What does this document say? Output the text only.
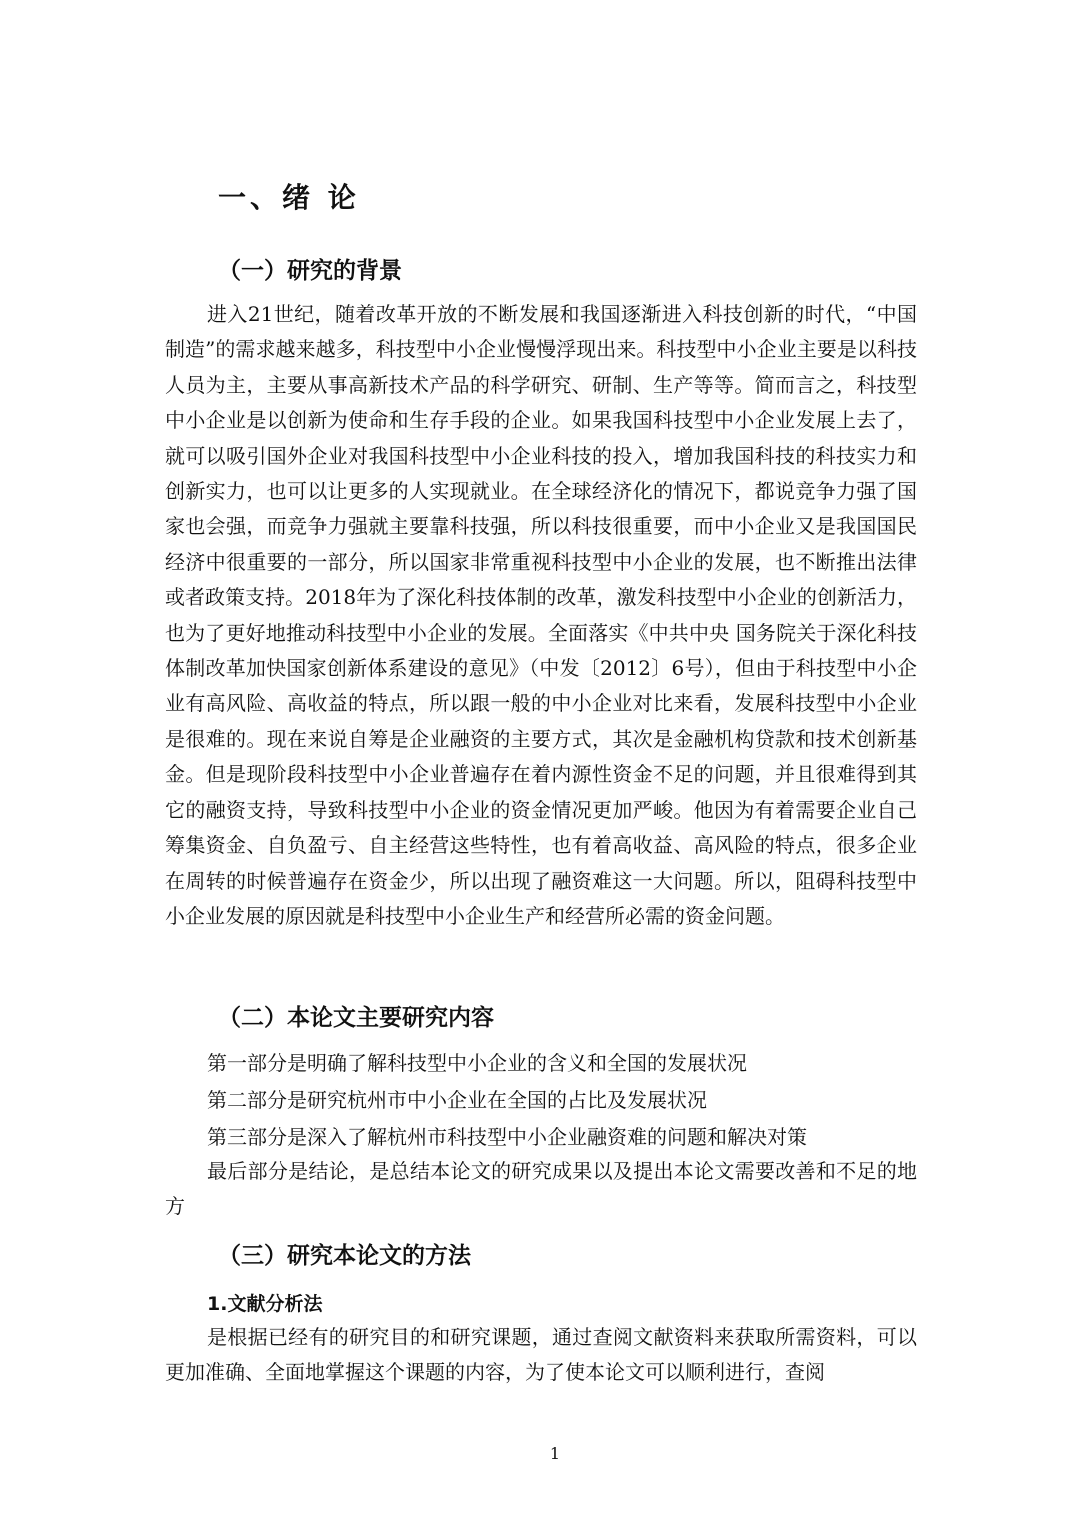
一、绪 论
（一）研究的背景

进入21世纪，随着改革开放的不断发展和我国逐渐进入科技创新的时代，“中国制造”的需求越来越多，科技型中小企业慢慢浮现出来。科技型中小企业主要是以科技人员为主，主要从事高新技术产品的科学研究、研制、生产等等。简而言之，科技型中小企业是以创新为使命和生存手段的企业。如果我国科技型中小企业发展上去了，就可以吸引国外企业对我国科技型中小企业科技的投入，增加我国科技的科技实力和创新实力，也可以让更多的人实现就业。在全球经济化的情况下，都说竞争力强了国家也会强，而竞争力强就主要靠科技强，所以科技很重要，而中小企业又是我国国民经济中很重要的一部分，所以国家非常重视科技型中小企业的发展，也不断推出法律或者政策支持。2018年为了深化科技体制的改革，激发科技型中小企业的创新活力，也为了更好地推动科技型中小企业的发展。全面落实《中共中央 国务院关于深化科技体制改革加快国家创新体系建设的意见》（中发〔2012〕6号），但由于科技型中小企业有高风险、高收益的特点，所以跟一般的中小企业对比来看，发展科技型中小企业是很难的。现在来说自筹是企业融资的主要方式，其次是金融机构贷款和技术创新基金。但是现阶段科技型中小企业普遍存在着内源性资金不足的问题，并且很难得到其它的融资支持，导致科技型中小企业的资金情况更加严峻。他因为有着需要企业自己筹集资金、自负盈亏、自主经营这些特性，也有着高收益、高风险的特点，很多企业在周转的时候普遍存在资金少，所以出现了融资难这一大问题。所以，阻碍科技型中小企业发展的原因就是科技型中小企业生产和经营所必需的资金问题。

（二）本论文主要研究内容

第一部分是明确了解科技型中小企业的含义和全国的发展状况

第二部分是研究杭州市中小企业在全国的占比及发展状况

第三部分是深入了解杭州市科技型中小企业融资难的问题和解决对策

最后部分是结论，是总结本论文的研究成果以及提出本论文需要改善和不足的地方

（三）研究本论文的方法
1.文献分析法

是根据已经有的研究目的和研究课题，通过查阅文献资料来获取所需资料，可以更加准确、全面地掌握这个课题的内容，为了使本论文可以顺利进行，查阅

1
